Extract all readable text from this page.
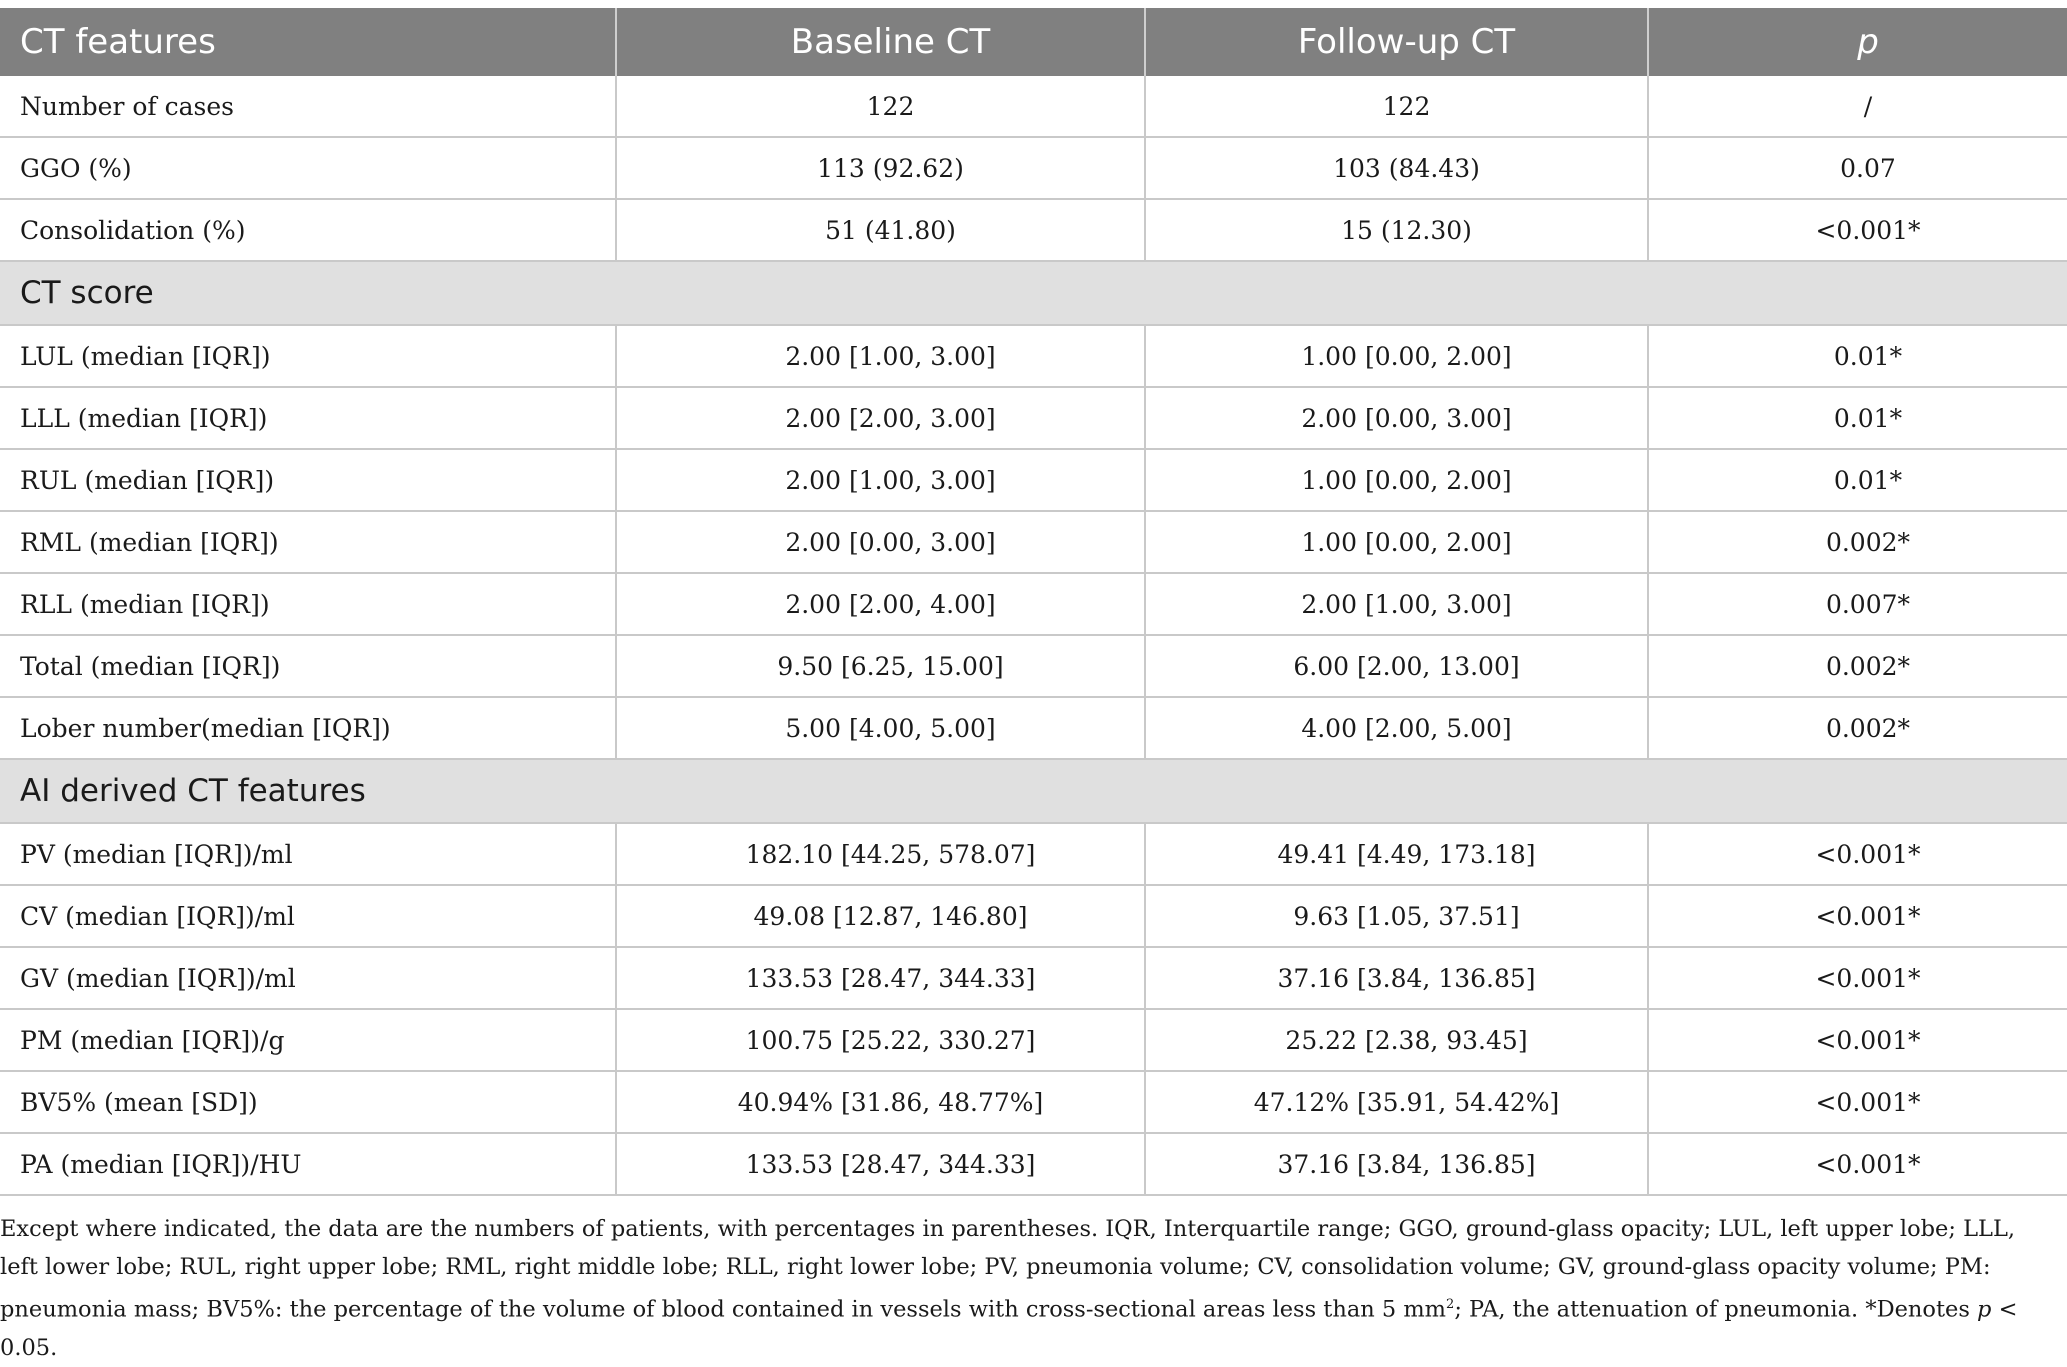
CT features	Baseline CT	Follow-up CT	p
Number of cases	122	122	/
GGO (%)	113 (92.62)	103 (84.43)	0.07
Consolidation (%)	51 (41.80)	15 (12.30)	<0.001*
CT score			
LUL (median [IQR])	2.00 [1.00, 3.00]	1.00 [0.00, 2.00]	0.01*
LLL (median [IQR])	2.00 [2.00, 3.00]	2.00 [0.00, 3.00]	0.01*
RUL (median [IQR])	2.00 [1.00, 3.00]	1.00 [0.00, 2.00]	0.01*
RML (median [IQR])	2.00 [0.00, 3.00]	1.00 [0.00, 2.00]	0.002*
RLL (median [IQR])	2.00 [2.00, 4.00]	2.00 [1.00, 3.00]	0.007*
Total (median [IQR])	9.50 [6.25, 15.00]	6.00 [2.00, 13.00]	0.002*
Lober number(median [IQR])	5.00 [4.00, 5.00]	4.00 [2.00, 5.00]	0.002*
AI derived CT features			
PV (median [IQR])/ml	182.10 [44.25, 578.07]	49.41 [4.49, 173.18]	<0.001*
CV (median [IQR])/ml	49.08 [12.87, 146.80]	9.63 [1.05, 37.51]	<0.001*
GV (median [IQR])/ml	133.53 [28.47, 344.33]	37.16 [3.84, 136.85]	<0.001*
PM (median [IQR])/g	100.75 [25.22, 330.27]	25.22 [2.38, 93.45]	<0.001*
BV5% (mean [SD])	40.94% [31.86, 48.77%]	47.12% [35.91, 54.42%]	<0.001*
PA (median [IQR])/HU	133.53 [28.47, 344.33]	37.16 [3.84, 136.85]	<0.001*
Except where indicated, the data are the numbers of patients, with percentages in parentheses. IQR, Interquartile range; GGO, ground-glass opacity; LUL, left upper lobe; LLL, left lower lobe; RUL, right upper lobe; RML, right middle lobe; RLL, right lower lobe; PV, pneumonia volume; CV, consolidation volume; GV, ground-glass opacity volume; PM: pneumonia mass; BV5%: the percentage of the volume of blood contained in vessels with cross-sectional areas less than 5 $mm^2$; PA, the attenuation of pneumonia. *Denotes p < 0.05.
